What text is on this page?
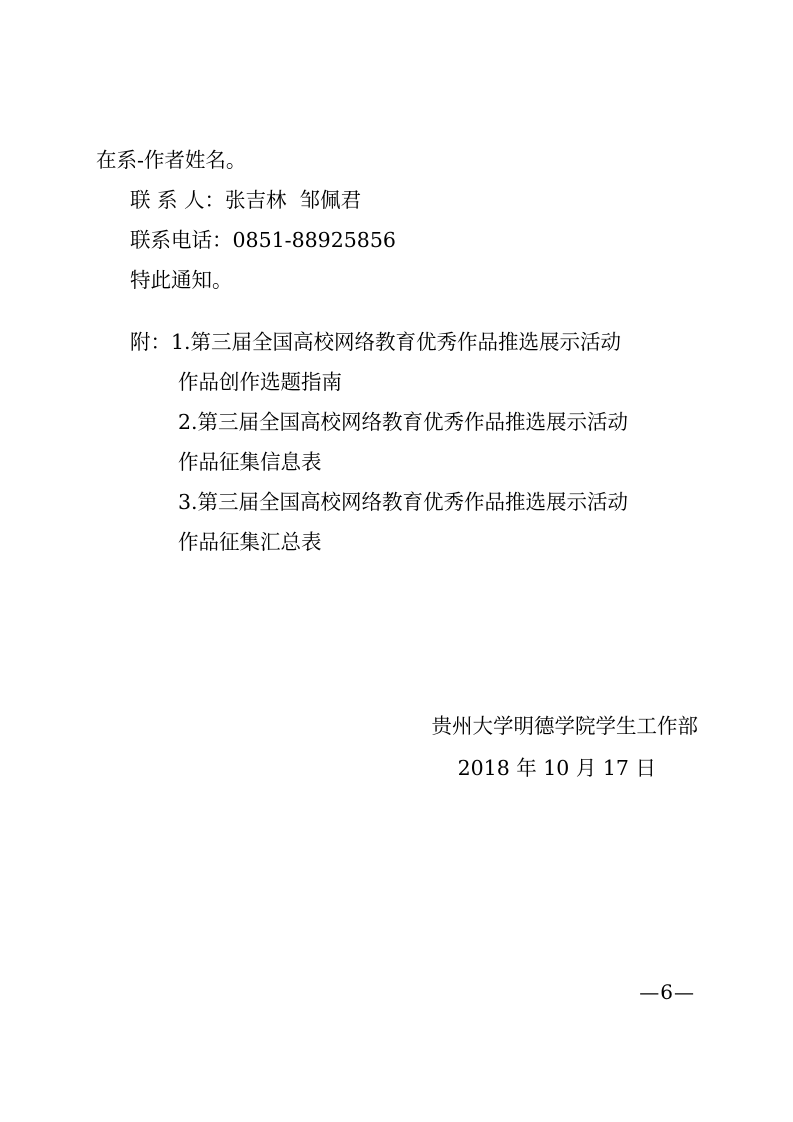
在系-作者姓名。
联 系 人：张吉林  邹佩君
联系电话：0851-88925856
特此通知。
附：1.第三届全国高校网络教育优秀作品推选展示活动
作品创作选题指南
2.第三届全国高校网络教育优秀作品推选展示活动
作品征集信息表
3.第三届全国高校网络教育优秀作品推选展示活动
作品征集汇总表
贵州大学明德学院学生工作部
2018 年 10 月 17 日
—6—
